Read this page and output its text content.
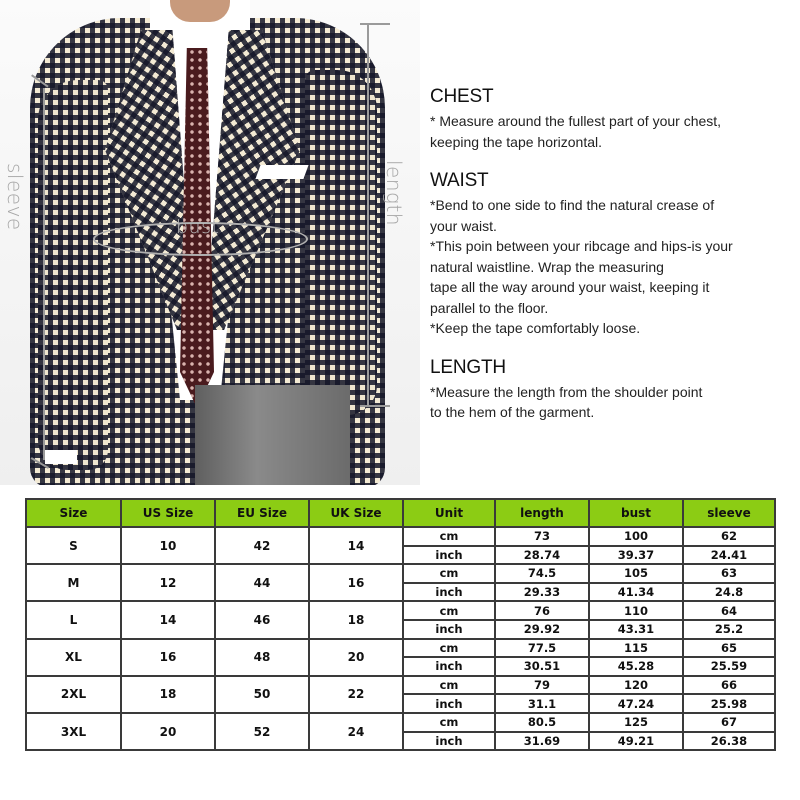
sleeve	bust
length
CHEST
* Measure around the fullest part of your chest,
keeping the tape horizontal.
WAIST
*Bend to one side to find the natural crease of
your waist.
*This poin between your ribcage and hips-is your
natural waistline. Wrap the measuring
tape all the way around your waist, keeping it
parallel to the floor.
*Keep the tape comfortably loose.
LENGTH
*Measure the length from the shoulder point
to the hem of the garment.
Size	US Size	EU Size	UK Size	Unit	length	bust	sleeve
S	10	42	14	cm	73	100	62
				inch	28.74	39.37	24.41
M	12	44	16	cm	74.5	105	63
				inch	29.33	41.34	24.8
L	14	46	18	cm	76	110	64
				inch	29.92	43.31	25.2
XL	16	48	20	cm	77.5	115	65
				inch	30.51	45.28	25.59
2XL	18	50	22	cm	79	120	66
				inch	31.1	47.24	25.98
3XL	20	52	24	cm	80.5	125	67
				inch	31.69	49.21	26.38
